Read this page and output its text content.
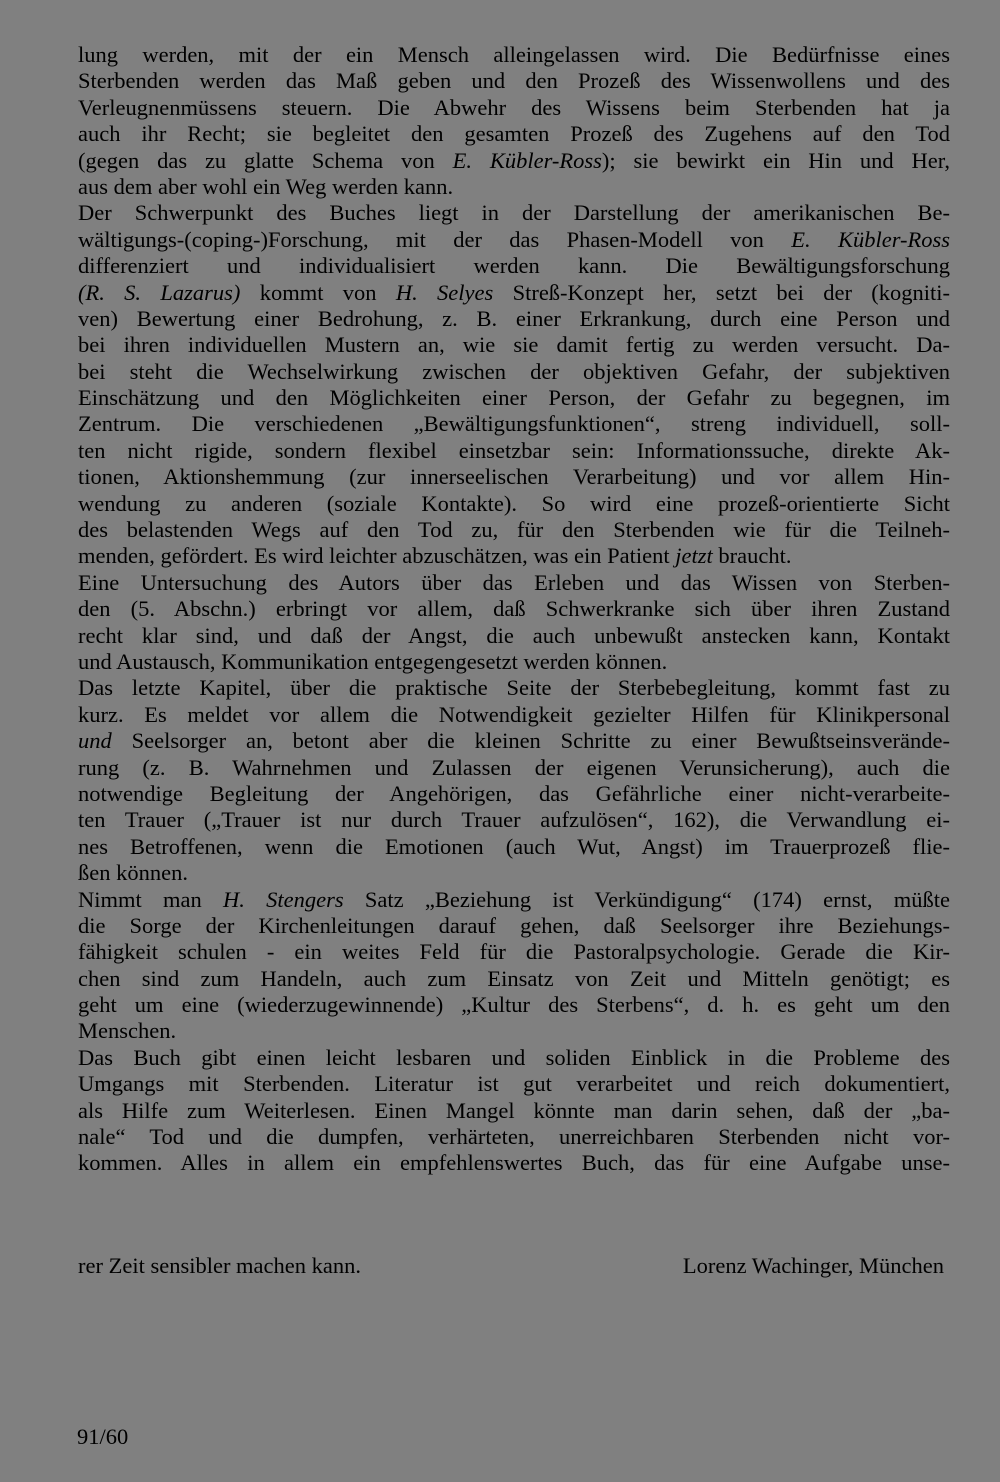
lung werden, mit der ein Mensch alleingelassen wird. Die Bedürfnisse eines
Sterbenden werden das Maß geben und den Prozeß des Wissenwollens und des
Verleugnenmüssens steuern. Die Abwehr des Wissens beim Sterbenden hat ja
auch ihr Recht; sie begleitet den gesamten Prozeß des Zugehens auf den Tod
(gegen das zu glatte Schema von E. Kübler-Ross); sie bewirkt ein Hin und Her,
aus dem aber wohl ein Weg werden kann.
Der Schwerpunkt des Buches liegt in der Darstellung der amerikanischen Be-
wältigungs-(coping-)Forschung, mit der das Phasen-Modell von E. Kübler-Ross
differenziert und individualisiert werden kann. Die Bewältigungsforschung
(R. S. Lazarus) kommt von H. Selyes Streß-Konzept her, setzt bei der (kogniti-
ven) Bewertung einer Bedrohung, z. B. einer Erkrankung, durch eine Person und
bei ihren individuellen Mustern an, wie sie damit fertig zu werden versucht. Da-
bei steht die Wechselwirkung zwischen der objektiven Gefahr, der subjektiven
Einschätzung und den Möglichkeiten einer Person, der Gefahr zu begegnen, im
Zentrum. Die verschiedenen „Bewältigungsfunktionen“, streng individuell, soll-
ten nicht rigide, sondern flexibel einsetzbar sein: Informationssuche, direkte Ak-
tionen, Aktionshemmung (zur innerseelischen Verarbeitung) und vor allem Hin-
wendung zu anderen (soziale Kontakte). So wird eine prozeß-orientierte Sicht
des belastenden Wegs auf den Tod zu, für den Sterbenden wie für die Teilneh-
menden, gefördert. Es wird leichter abzuschätzen, was ein Patient jetzt braucht.
Eine Untersuchung des Autors über das Erleben und das Wissen von Sterben-
den (5. Abschn.) erbringt vor allem, daß Schwerkranke sich über ihren Zustand
recht klar sind, und daß der Angst, die auch unbewußt anstecken kann, Kontakt
und Austausch, Kommunikation entgegengesetzt werden können.
Das letzte Kapitel, über die praktische Seite der Sterbebegleitung, kommt fast zu
kurz. Es meldet vor allem die Notwendigkeit gezielter Hilfen für Klinikpersonal
und Seelsorger an, betont aber die kleinen Schritte zu einer Bewußtseinsverände-
rung (z. B. Wahrnehmen und Zulassen der eigenen Verunsicherung), auch die
notwendige Begleitung der Angehörigen, das Gefährliche einer nicht-verarbeite-
ten Trauer („Trauer ist nur durch Trauer aufzulösen“, 162), die Verwandlung ei-
nes Betroffenen, wenn die Emotionen (auch Wut, Angst) im Trauerprozeß flie-
ßen können.
Nimmt man H. Stengers Satz „Beziehung ist Verkündigung“ (174) ernst, müßte
die Sorge der Kirchenleitungen darauf gehen, daß Seelsorger ihre Beziehungs-
fähigkeit schulen - ein weites Feld für die Pastoralpsychologie. Gerade die Kir-
chen sind zum Handeln, auch zum Einsatz von Zeit und Mitteln genötigt; es
geht um eine (wiederzugewinnende) „Kultur des Sterbens“, d. h. es geht um den
Menschen.
Das Buch gibt einen leicht lesbaren und soliden Einblick in die Probleme des
Umgangs mit Sterbenden. Literatur ist gut verarbeitet und reich dokumentiert,
als Hilfe zum Weiterlesen. Einen Mangel könnte man darin sehen, daß der „ba-
nale“ Tod und die dumpfen, verhärteten, unerreichbaren Sterbenden nicht vor-
kommen. Alles in allem ein empfehlenswertes Buch, das für eine Aufgabe unse-
rer Zeit sensibler machen kann.	Lorenz Wachinger, München
91/60
